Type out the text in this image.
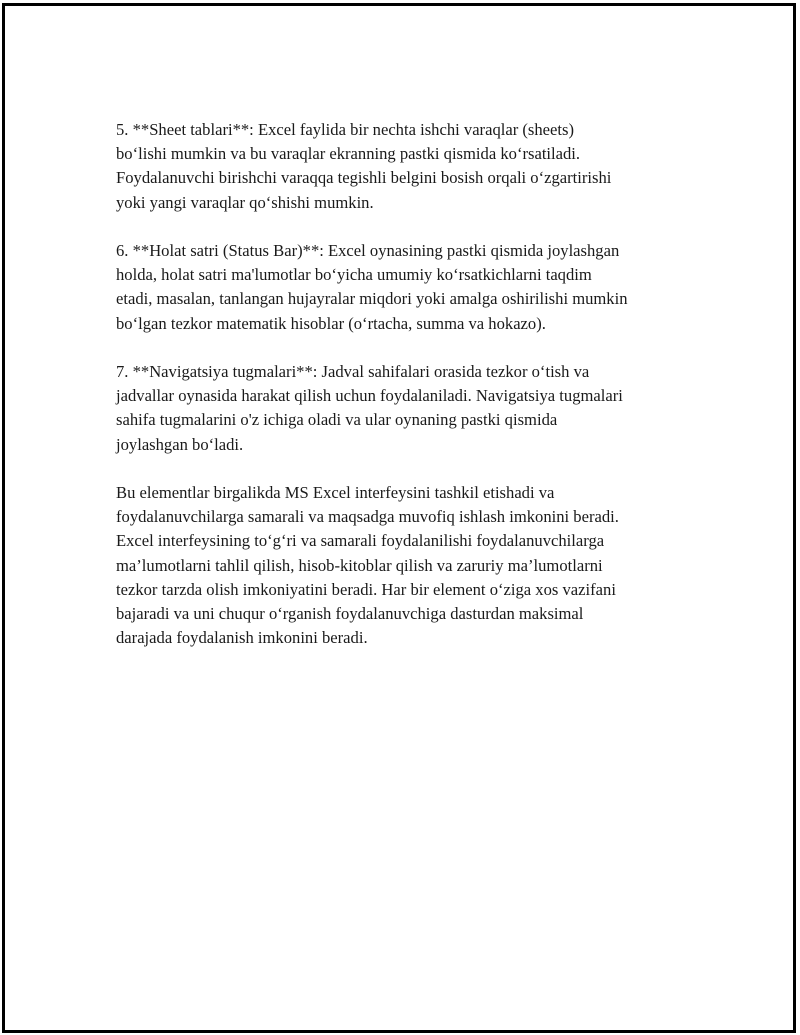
5. **Sheet tablari**: Excel faylida bir nechta ishchi varaqlar (sheets)
bo‘lishi mumkin va bu varaqlar ekranning pastki qismida ko‘rsatiladi.
Foydalanuvchi birishchi varaqqa tegishli belgini bosish orqali o‘zgartirishi
yoki yangi varaqlar qo‘shishi mumkin.

6. **Holat satri (Status Bar)**: Excel oynasining pastki qismida joylashgan
holda, holat satri ma'lumotlar bo‘yicha umumiy ko‘rsatkichlarni taqdim
etadi, masalan, tanlangan hujayralar miqdori yoki amalga oshirilishi mumkin
bo‘lgan tezkor matematik hisoblar (o‘rtacha, summa va hokazo).

7. **Navigatsiya tugmalari**: Jadval sahifalari orasida tezkor o‘tish va
jadvallar oynasida harakat qilish uchun foydalaniladi. Navigatsiya tugmalari
sahifa tugmalarini o'z ichiga oladi va ular oynaning pastki qismida
joylashgan bo‘ladi.

Bu elementlar birgalikda MS Excel interfeysini tashkil etishadi va
foydalanuvchilarga samarali va maqsadga muvofiq ishlash imkonini beradi.
Excel interfeysining to‘g‘ri va samarali foydalanilishi foydalanuvchilarga
ma’lumotlarni tahlil qilish, hisob-kitoblar qilish va zaruriy ma’lumotlarni
tezkor tarzda olish imkoniyatini beradi. Har bir element o‘ziga xos vazifani
bajaradi va uni chuqur o‘rganish foydalanuvchiga dasturdan maksimal
darajada foydalanish imkonini beradi.
